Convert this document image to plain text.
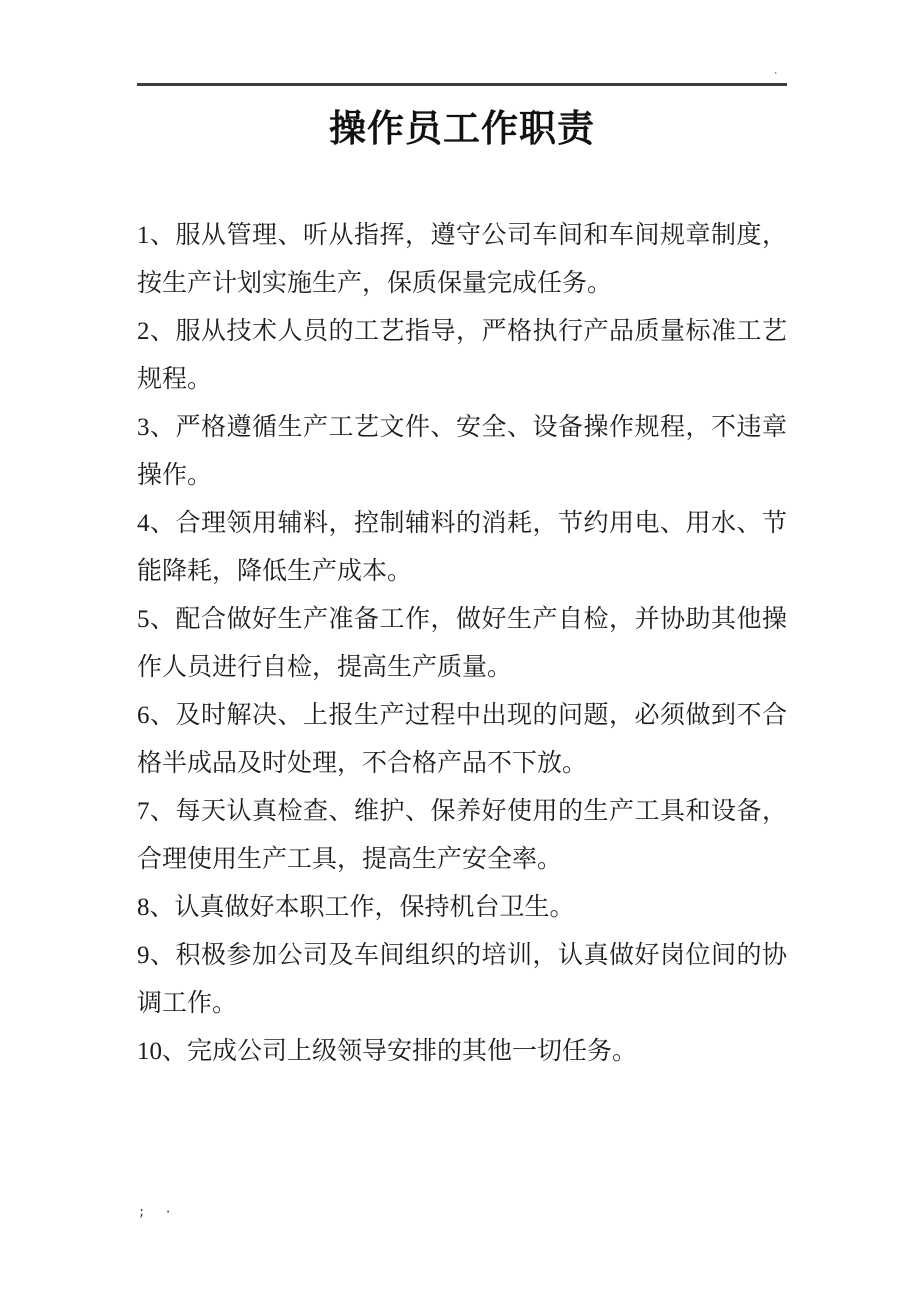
·
操作员工作职责

1、服从管理、听从指挥，遵守公司车间和车间规章制度，按生产计划实施生产，保质保量完成任务。

2、服从技术人员的工艺指导，严格执行产品质量标准工艺规程。

3、严格遵循生产工艺文件、安全、设备操作规程，不违章操作。

4、合理领用辅料，控制辅料的消耗，节约用电、用水、节能降耗，降低生产成本。

5、配合做好生产准备工作，做好生产自检，并协助其他操作人员进行自检，提高生产质量。

6、及时解决、上报生产过程中出现的问题，必须做到不合格半成品及时处理，不合格产品不下放。

7、每天认真检查、维护、保养好使用的生产工具和设备，合理使用生产工具，提高生产安全率。

8、认真做好本职工作，保持机台卫生。

9、积极参加公司及车间组织的培训，认真做好岗位间的协调工作。

10、完成公司上级领导安排的其他一切任务。

; ·
